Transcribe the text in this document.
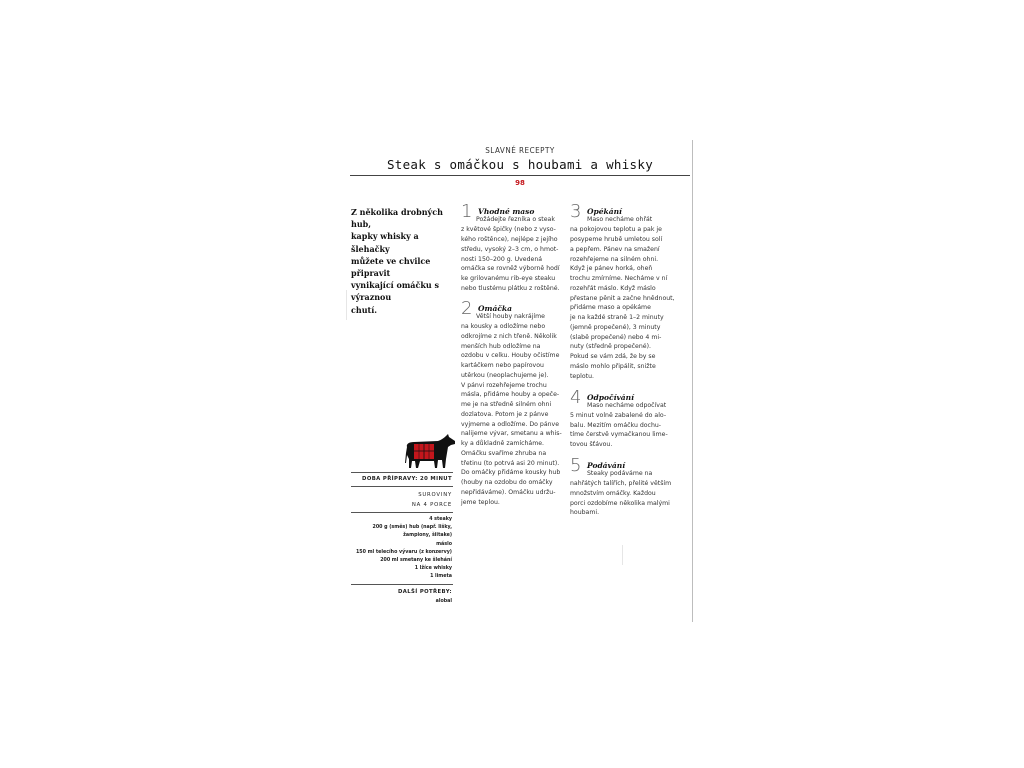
SLAVNÉ RECEPTY
Steak s omáčkou s houbami a whisky
98
Z několika drobných hub,
kapky whisky a šlehačky
můžete ve chvilce připravit
vynikající omáčku s výraznou
chutí.
1 Vhodné maso
Požádejte řezníka o steak
z květové špičky (nebo z vyso-
kého roštěnce), nejlépe z jejího
středu, vysoký 2–3 cm, o hmot-
nosti 150–200 g. Uvedená
omáčka se rovněž výborně hodí
ke grilovanému rib-eye steaku
nebo tlustému plátku z roštěné.
2 Omáčka
Větší houby nakrájíme
na kousky a odložíme nebo
odkrojíme z nich třeně. Několik
menších hub odložíme na
ozdobu v celku. Houby očistíme
kartáčkem nebo papírovou
utěrkou (neoplachujeme je).
V pánvi rozehřejeme trochu
másla, přidáme houby a opeče-
me je na středně silném ohni
dozlatova. Potom je z pánve
vyjmeme a odložíme. Do pánve
nalijeme vývar, smetanu a whis-
ky a důkladně zamícháme.
Omáčku svaříme zhruba na
třetinu (to potrvá asi 20 minut).
Do omáčky přidáme kousky hub
(houby na ozdobu do omáčky
nepřidáváme). Omáčku udržu-
jeme teplou.
3 Opékání
Maso necháme ohřát
na pokojovou teplotu a pak je
posypeme hrubě umletou solí
a pepřem. Pánev na smažení
rozehřejeme na silném ohni.
Když je pánev horká, oheň
trochu zmírníme. Necháme v ní
rozehřát máslo. Když máslo
přestane pěnit a začne hnědnout,
přidáme maso a opékáme
je na každé straně 1–2 minuty
(jemně propečené), 3 minuty
(slabě propečené) nebo 4 mi-
nuty (středně propečené).
Pokud se vám zdá, že by se
máslo mohlo připálit, snižte
teplotu.
4 Odpočívání
Maso necháme odpočívat
5 minut volně zabalené do alo-
balu. Mezitím omáčku dochu-
tíme čerstvě vymačkanou lime-
tovou šťávou.
5 Podávání
Steaky podáváme na
nahřátých talířích, přelité větším
množstvím omáčky. Každou
porci ozdobíme několika malými
houbami.
DOBA PŘÍPRAVY: 20 MINUT
SUROVINY
NA 4 PORCE
4 steaky
200 g (směs) hub (např. lišky,
žampiony, šiitake)
máslo
150 ml telecího vývaru (z konzervy)
200 ml smetany ke šlehání
1 lžíce whisky
1 limeta
DALŠÍ POTŘEBY:
alobal
